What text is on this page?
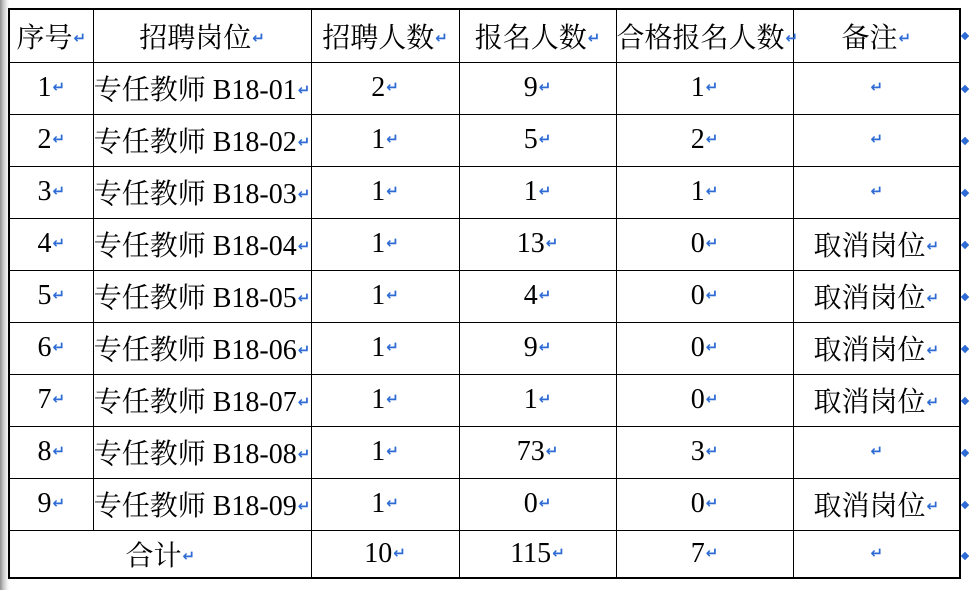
序号↵	招聘岗位↵	招聘人数↵	报名人数↵	合格报名人数↵	备注↵
1↵	专任教师 B18-01↵	2↵	9↵	1↵	↵
2↵	专任教师 B18-02↵	1↵	5↵	2↵	↵
3↵	专任教师 B18-03↵	1↵	1↵	1↵	↵
4↵	专任教师 B18-04↵	1↵	13↵	0↵	取消岗位↵
5↵	专任教师 B18-05↵	1↵	4↵	0↵	取消岗位↵
6↵	专任教师 B18-06↵	1↵	9↵	0↵	取消岗位↵
7↵	专任教师 B18-07↵	1↵	1↵	0↵	取消岗位↵
8↵	专任教师 B18-08↵	1↵	73↵	3↵	↵
9↵	专任教师 B18-09↵	1↵	0↵	0↵	取消岗位↵
合计↵		10↵	115↵	7↵	↵
